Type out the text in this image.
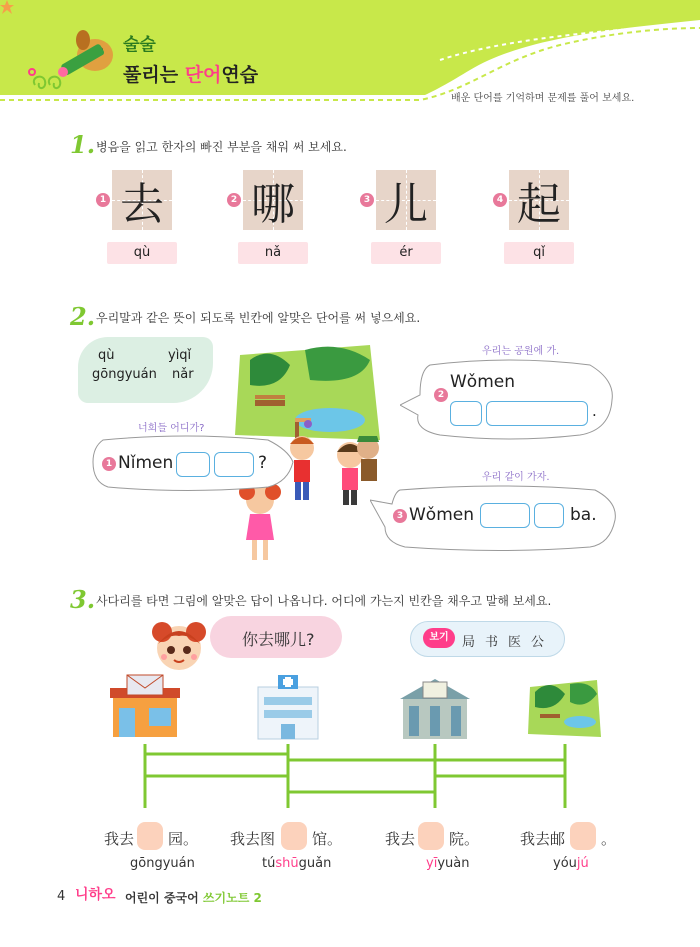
술술
풀리는 단어연습
배운 단어를 기억하며 문제를 풀어 보세요.
1. 병음을 읽고 한자의 빠진 부분을 채워 써 보세요.
1 去
qù
2 哪
nǎ
3 儿
ér
4 起
qǐ
2. 우리말과 같은 뜻이 되도록 빈칸에 알맞은 단어를 써 넣으세요.
qù	yìqǐ
gōngyuán nǎr
우리는 공원에 가.
2
Wǒmen
.
너희들 어디가?
1 Nǐmen	?
우리 같이 가자.
3 Wǒmen	ba.
3. 사다리를 타면 그림에 알맞은 답이 나옵니다. 어디에 가는지 빈칸을 채우고 말해 보세요.
你去哪儿?	보기	局书医公
我去 园。
gōngyuán
我去图 馆。
túshūguǎn
我去 院。
yīyuàn
我去邮 。
yóujú
4 니하오 어린이 중국어 쓰기노트 2
